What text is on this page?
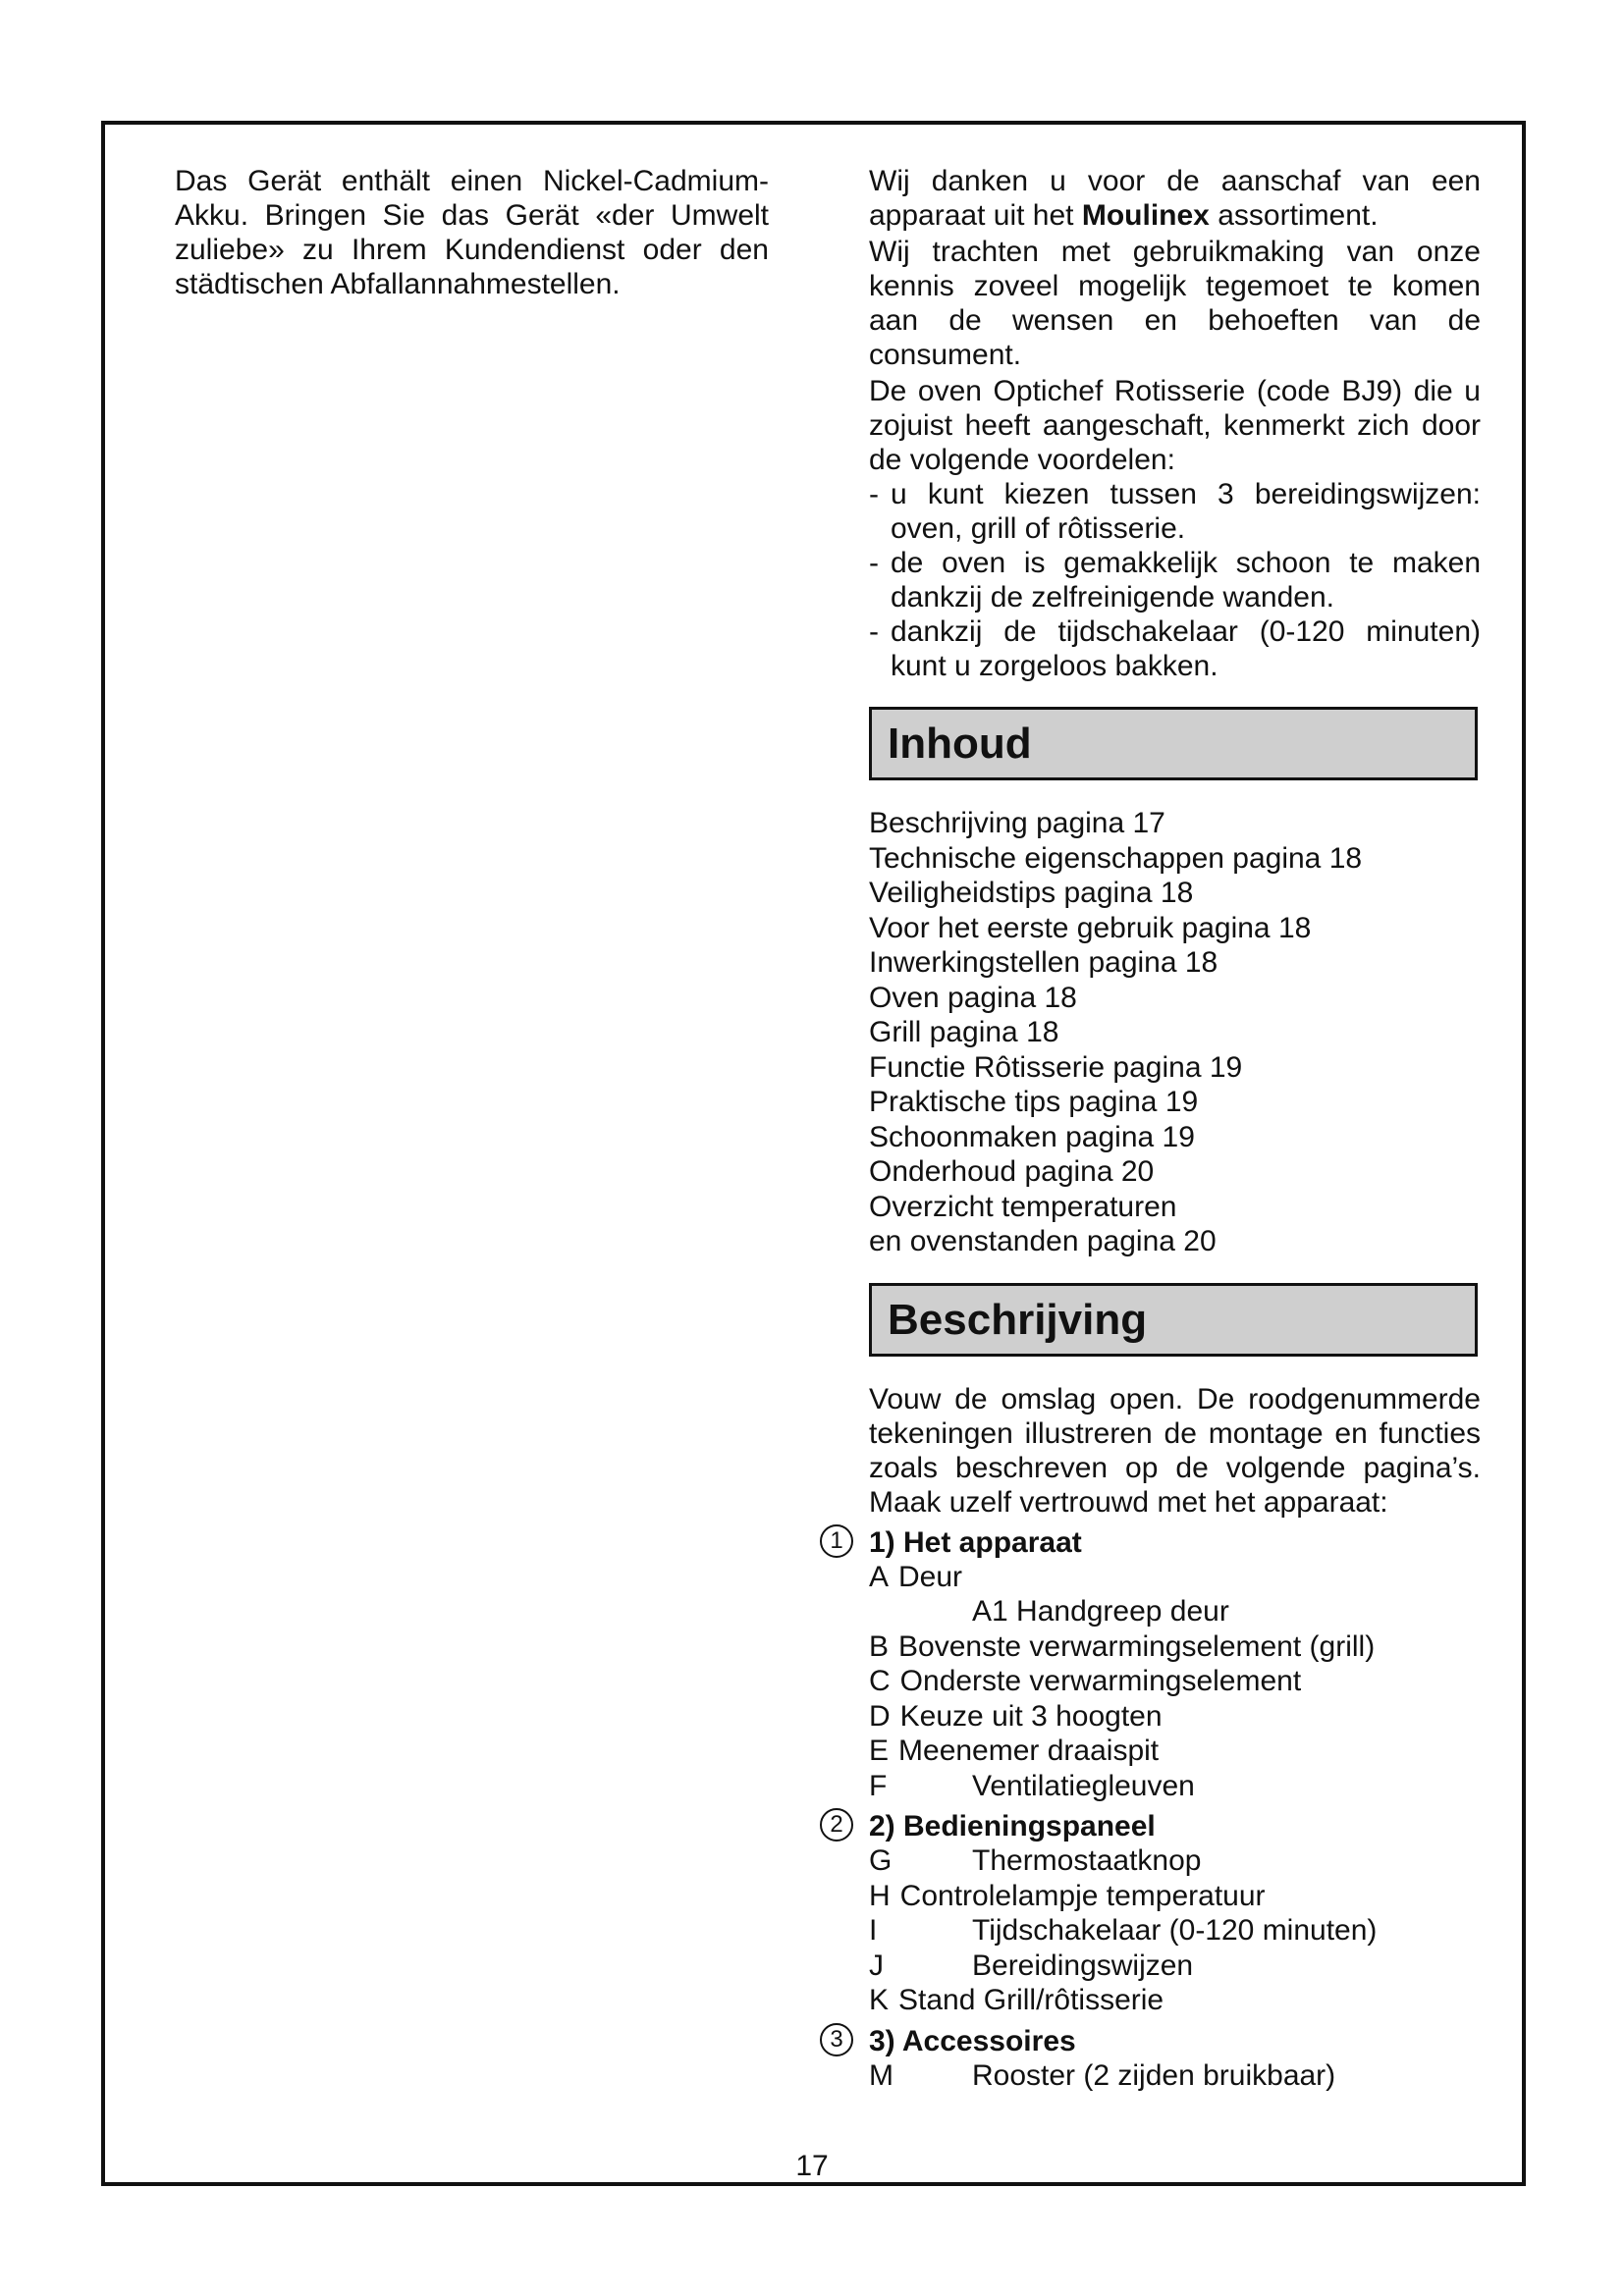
Das Gerät enthält einen Nickel-Cadmium-Akku. Bringen Sie das Gerät «der Umwelt zuliebe» zu Ihrem Kundendienst oder den städtischen Abfallannahmestellen.

Wij danken u voor de aanschaf van een apparaat uit het Moulinex assortiment.

Wij trachten met gebruikmaking van onze kennis zoveel mogelijk tegemoet te komen aan de wensen en behoeften van de consument.

De oven Optichef Rotisserie (code BJ9) die u zojuist heeft aangeschaft, kenmerkt zich door de volgende voordelen:

- u kunt kiezen tussen 3 bereidingswijzen: oven, grill of rôtisserie.
- de oven is gemakkelijk schoon te maken dankzij de zelfreinigende wanden.
- dankzij de tijdschakelaar (0-120 minuten) kunt u zorgeloos bakken.
Inhoud
Beschrijving pagina 17
Technische eigenschappen pagina 18
Veiligheidstips pagina 18
Voor het eerste gebruik pagina 18
Inwerkingstellen pagina 18
Oven pagina 18
Grill pagina 18
Functie Rôtisserie pagina 19
Praktische tips pagina 19
Schoonmaken pagina 19
Onderhoud pagina 20
Overzicht temperaturen
en ovenstanden pagina 20
Beschrijving

Vouw de omslag open. De roodgenummerde tekeningen illustreren de montage en functies zoals beschreven op de volgende pagina’s. Maak uzelf vertrouwd met het apparaat:

1 1) Het apparaat
A Deur
A1 Handgreep deur
B Bovenste verwarmingselement (grill)
C Onderste verwarmingselement
D Keuze uit 3 hoogten
E Meenemer draaispit
F	Ventilatiegleuven
2 2) Bedieningspaneel
G	Thermostaatknop
H Controlelampje temperatuur
I	Tijdschakelaar (0-120 minuten)
J	Bereidingswijzen
K Stand Grill/rôtisserie
3 3) Accessoires
M	Rooster (2 zijden bruikbaar)
17
